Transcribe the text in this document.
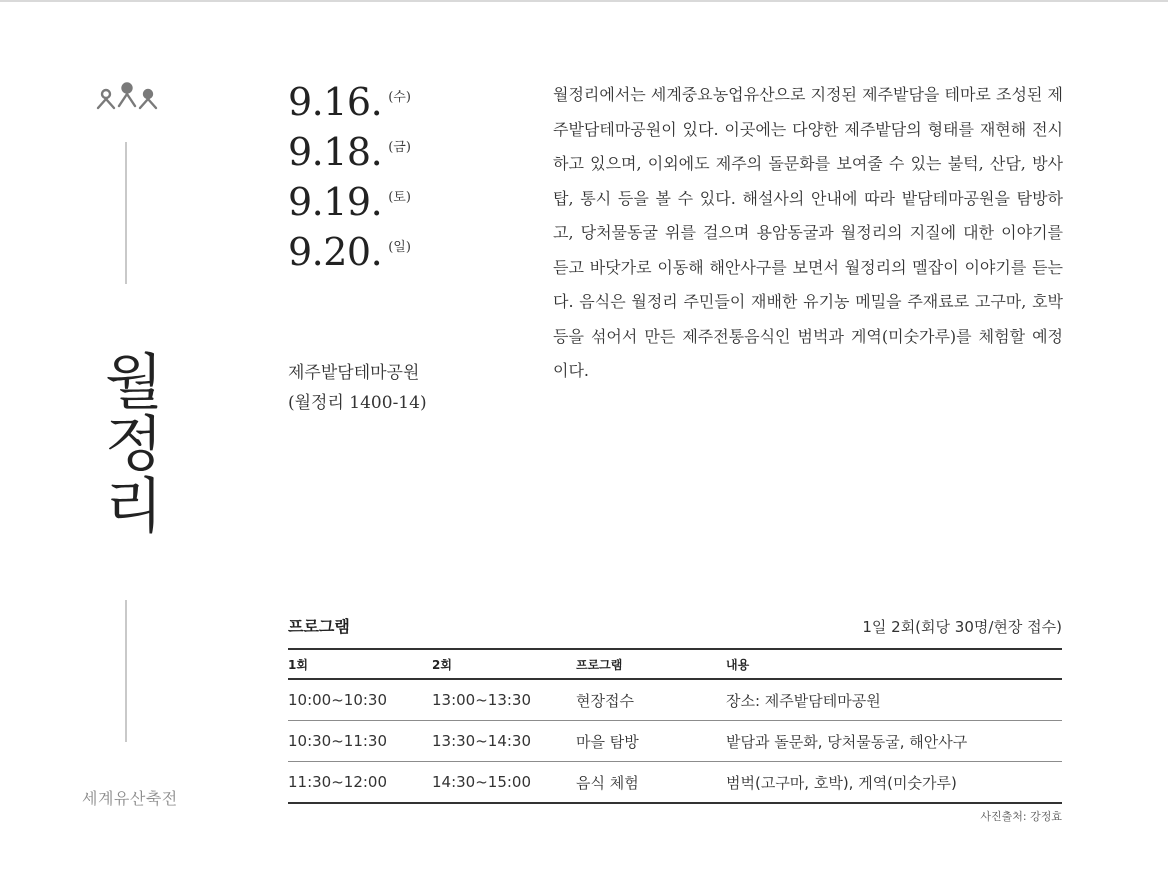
월정리
세계유산축전
9.16. (수)
9.18. (금)
9.19. (토)
9.20. (일)
제주밭담테마공원
(월정리 1400-14)

월정리에서는 세계중요농업유산으로 지정된 제주밭담을 테마로 조성된 제주밭담테마공원이 있다. 이곳에는 다양한 제주밭담의 형태를 재현해 전시하고 있으며, 이외에도 제주의 돌문화를 보여줄 수 있는 불턱, 산담, 방사탑, 통시 등을 볼 수 있다. 해설사의 안내에 따라 밭담테마공원을 탐방하고, 당처물동굴 위를 걸으며 용암동굴과 월정리의 지질에 대한 이야기를 듣고 바닷가로 이동해 해안사구를 보면서 월정리의 멜잡이 이야기를 듣는다. 음식은 월정리 주민들이 재배한 유기농 메밀을 주재료로 고구마, 호박 등을 섞어서 만든 제주전통음식인 범벅과 게역(미숫가루)를 체험할 예정이다.

프로그램	1일 2회(회당 30명/현장 접수)
1회	2회	프로그램	내용
10:00~10:30	13:00~13:30	현장접수	장소: 제주밭담테마공원
10:30~11:30	13:30~14:30	마을 탐방	밭담과 돌문화, 당처물동굴, 해안사구
11:30~12:00	14:30~15:00	음식 체험	범벅(고구마, 호박), 게역(미숫가루)
사진출처: 강정효
